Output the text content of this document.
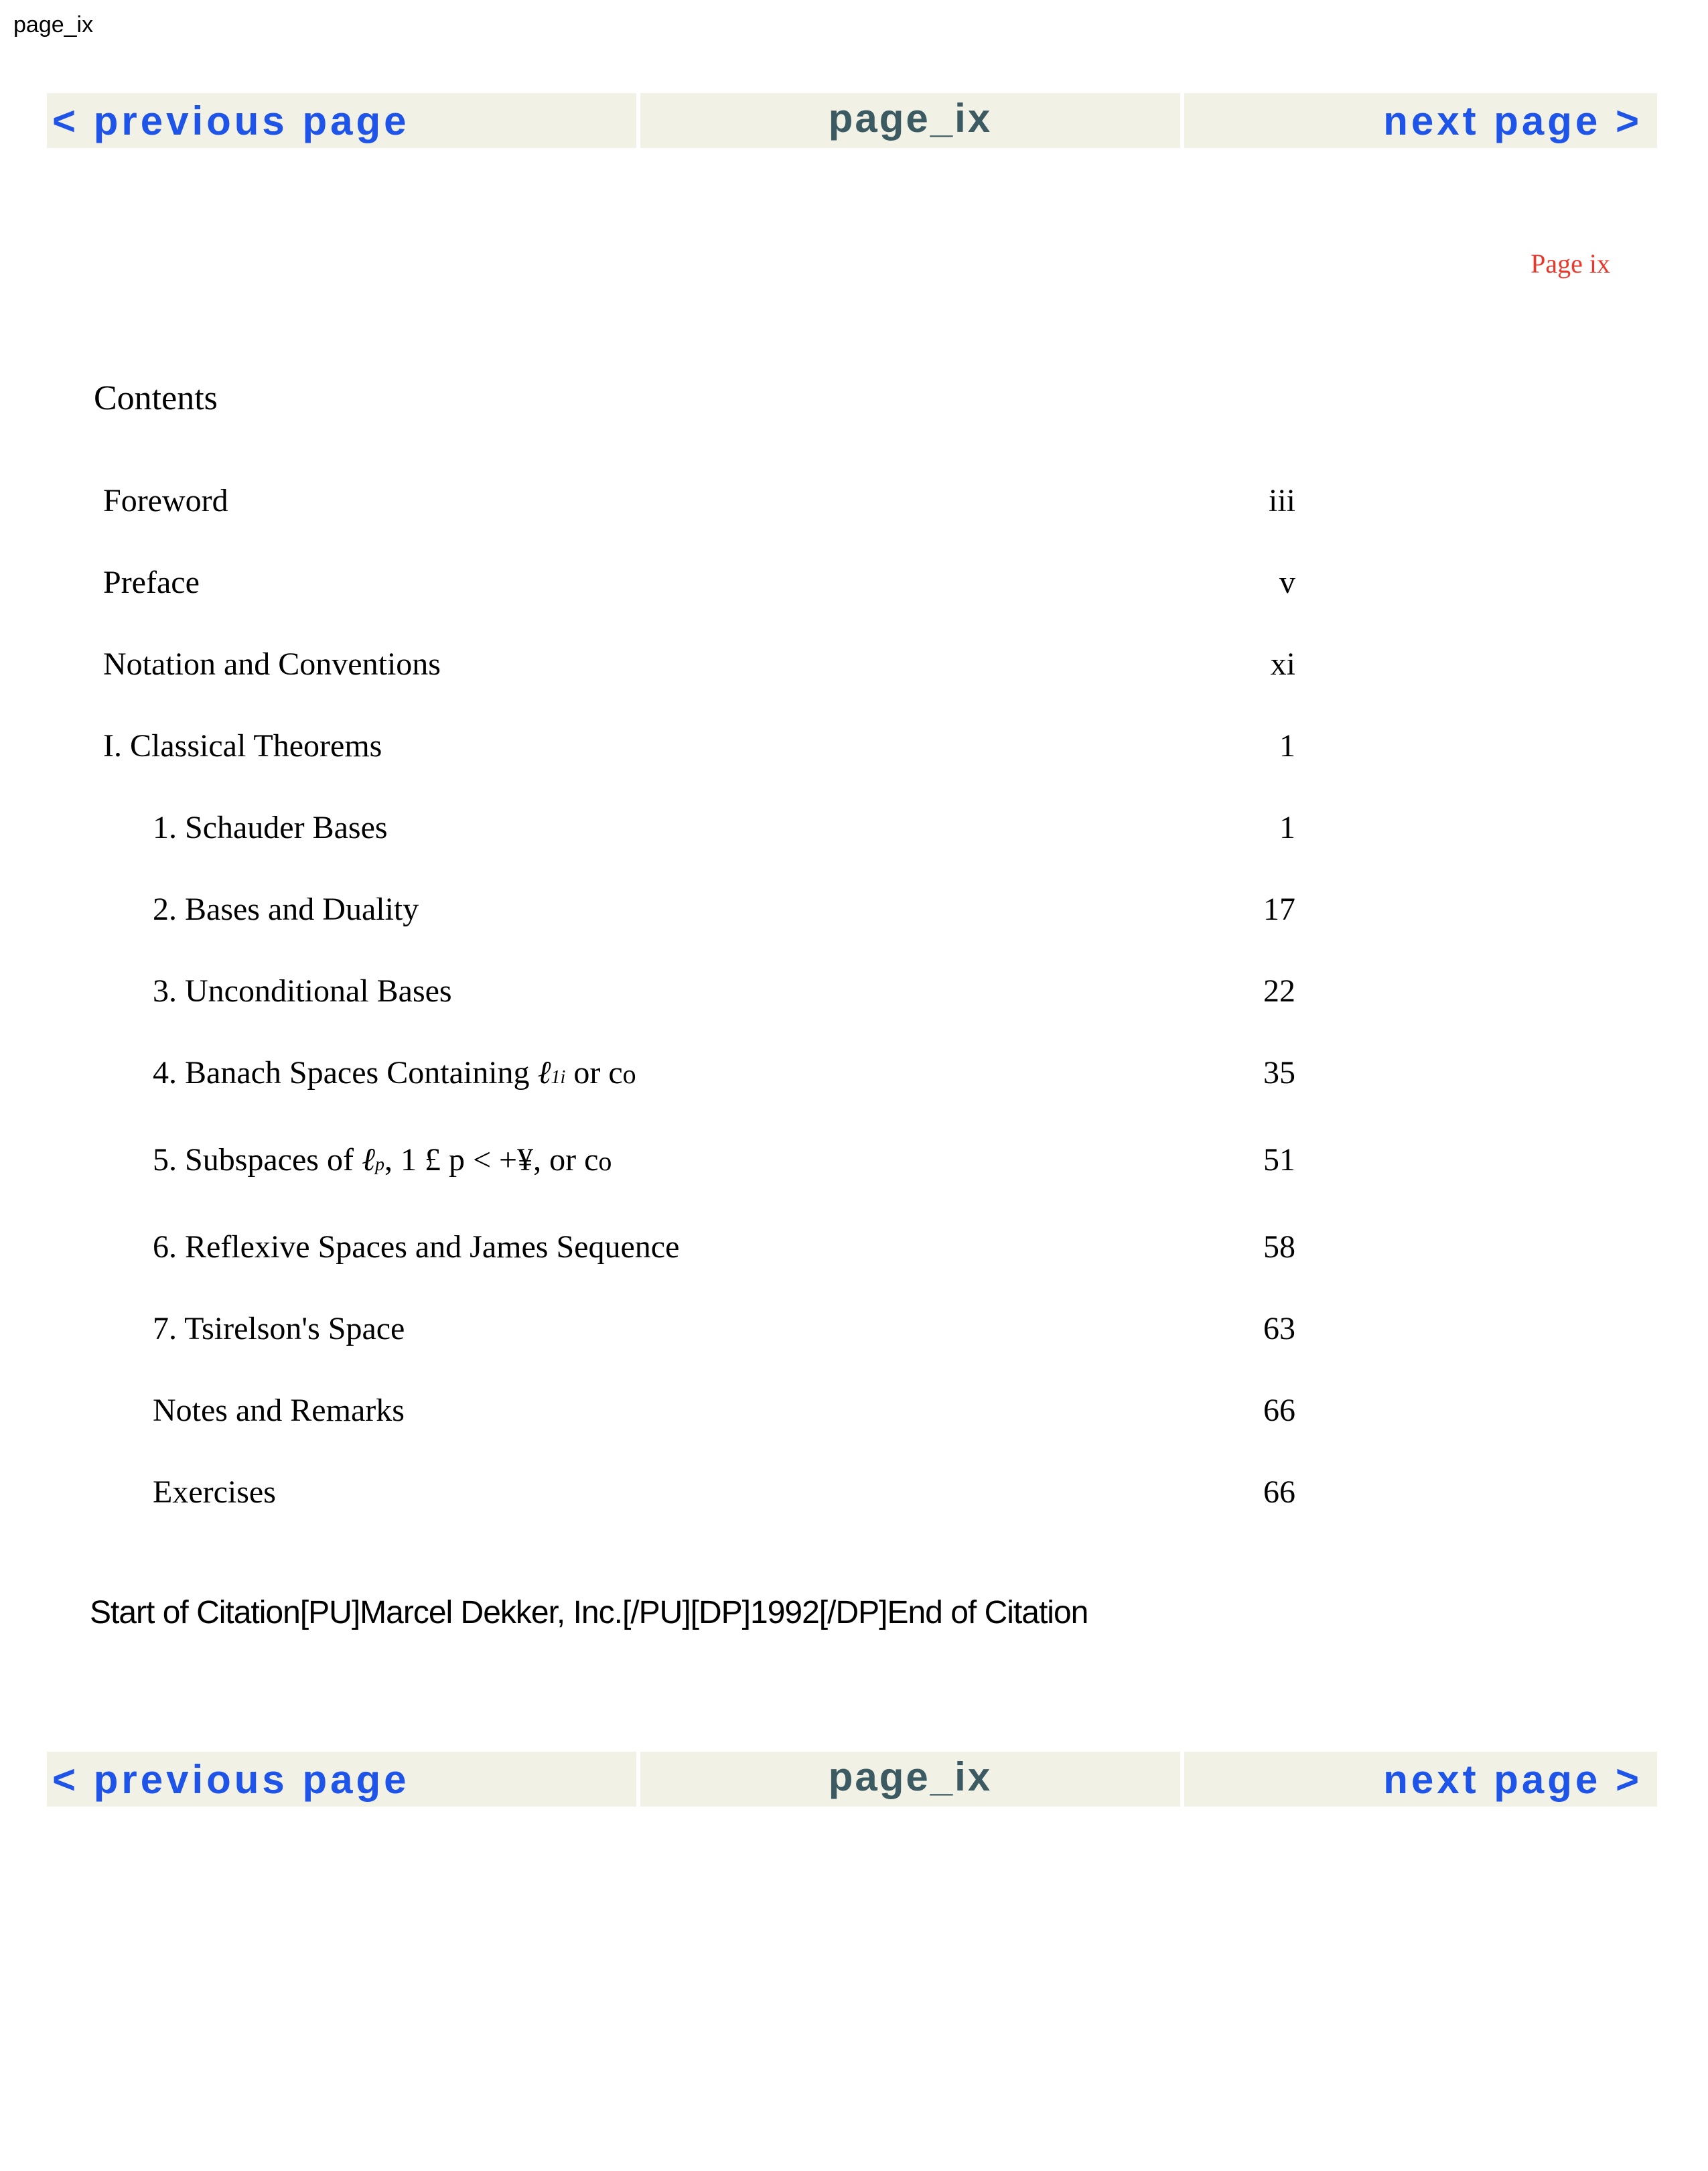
page_ix
< previous page	page_ix	next page >
Page ix
Contents
Foreword	iii
Preface	v
Notation and Conventions	xi
I. Classical Theorems	1
1. Schauder Bases	1
2. Bases and Duality	17
3. Unconditional Bases	22
4. Banach Spaces Containing ℓ1i or co	35
5. Subspaces of ℓp, 1 £ p < +¥, or co	51
6. Reflexive Spaces and James Sequence	58
7. Tsirelson's Space	63
Notes and Remarks	66
Exercises	66
Start of Citation[PU]Marcel Dekker, Inc.[/PU][DP]1992[/DP]End of Citation
< previous page	page_ix	next page >
